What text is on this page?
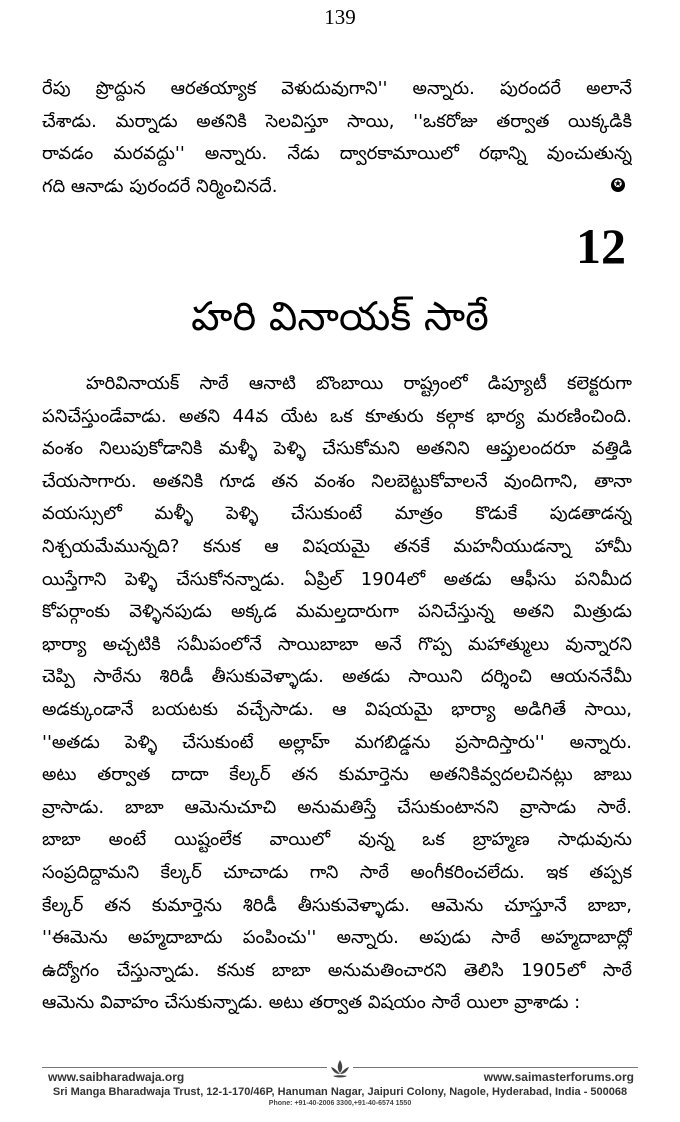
139
రేపు ప్రొద్దున ఆరతయ్యాక వెళుదువుగాని'' అన్నారు. పురందరే అలానే
చేశాడు. మర్నాడు అతనికి సెలవిస్తూ సాయి, ''ఒకరోజు తర్వాత యిక్కడికి
రావడం మరవద్దు'' అన్నారు. నేడు ద్వారకామాయిలో రథాన్ని వుంచుతున్న
గది ఆనాడు పురందరే నిర్మించినదే.	✪
12
హరి వినాయక్ సాఠే
హరివినాయక్ సాఠే ఆనాటి బొంబాయి రాష్ట్రంలో డిప్యూటీ కలెక్టరుగా
పనిచేస్తుండేవాడు. అతని 44వ యేట ఒక కూతురు కల్గాక భార్య మరణించింది.
వంశం నిలుపుకోడానికి మళ్ళీ పెళ్ళి చేసుకోమని అతనిని ఆప్తులందరూ వత్తిడి
చేయసాగారు. అతనికి గూడ తన వంశం నిలబెట్టుకోవాలనే వుందిగాని, తానా
వయస్సులో మళ్ళీ పెళ్ళి చేసుకుంటే మాత్రం కొడుకే పుడతాడన్న
నిశ్చయమేమున్నది? కనుక ఆ విషయమై తనకే మహనీయుడన్నా హామీ
యిస్తేగాని పెళ్ళి చేసుకోనన్నాడు. ఏప్రిల్ 1904లో అతడు ఆఫీసు పనిమీద
కోపర్గాంకు వెళ్ళినపుడు అక్కడ మమల్తదారుగా పనిచేస్తున్న అతని మిత్రుడు
భార్యా అచ్చటికి సమీపంలోనే సాయిబాబా అనే గొప్ప మహాత్ములు వున్నారని
చెప్పి సాఠేను శిరిడీ తీసుకువెళ్ళాడు. అతడు సాయిని దర్శించి ఆయననేమీ
అడక్కుండానే బయటకు వచ్చేసాడు. ఆ విషయమై భార్యా అడిగితే సాయి,
''అతడు పెళ్ళి చేసుకుంటే అల్లాహ్ మగబిడ్డను ప్రసాదిస్తారు'' అన్నారు.
అటు తర్వాత దాదా కేల్కర్ తన కుమార్తెను అతనికివ్వదలచినట్లు జాబు
వ్రాసాడు. బాబా ఆమెనుచూచి అనుమతిస్తే చేసుకుంటానని వ్రాసాడు సాఠే.
బాబా అంటే యిష్టంలేక వాయిలో వున్న ఒక బ్రాహ్మణ సాధువును
సంప్రదిద్దామని కేల్కర్ చూచాడు గాని సాఠే అంగీకరించలేదు. ఇక తప్పక
కేల్కర్ తన కుమార్తెను శిరిడీ తీసుకువెళ్ళాడు. ఆమెను చూస్తూనే బాబా,
''ఈమెను అహ్మదాబాదు పంపించు'' అన్నారు. అపుడు సాఠే అహ్మదాబాద్లో
ఉద్యోగం చేస్తున్నాడు. కనుక బాబా అనుమతించారని తెలిసి 1905లో సాఠే
ఆమెను వివాహం చేసుకున్నాడు. అటు తర్వాత విషయం సాఠే యిలా వ్రాశాడు :
www.saibharadwaja.org	www.saimasterforums.org
Sri Manga Bharadwaja Trust, 12-1-170/46P, Hanuman Nagar, Jaipuri Colony, Nagole, Hyderabad, India - 500068
Phone: +91-40-2006 3300,+91-40-6574 1550
